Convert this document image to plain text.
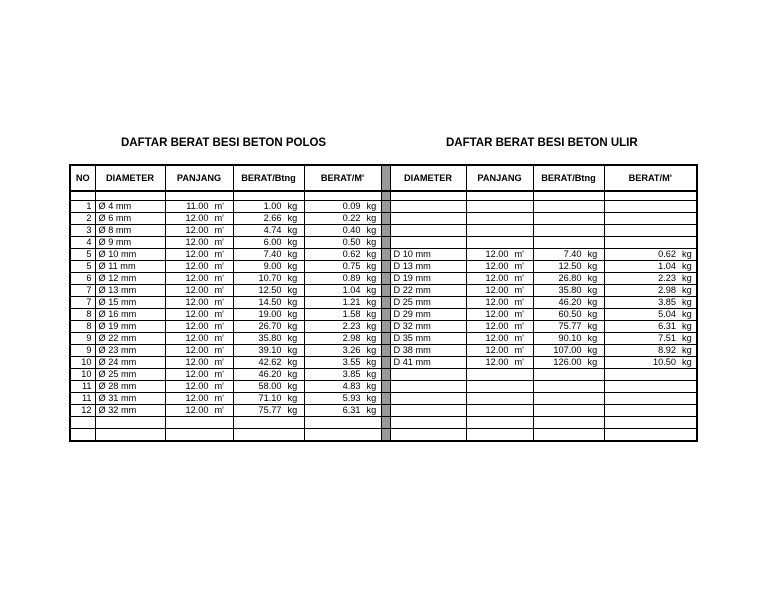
DAFTAR BERAT BESI BETON POLOS	DAFTAR BERAT BESI BETON ULIR
NO	DIAMETER	PANJANG	BERAT/Btng	BERAT/M'		DIAMETER	PANJANG	BERAT/Btng	BERAT/M'

1	Ø 4 mm	11.00 m'	1.00 kg	0.09 kg					
2	Ø 6 mm	12.00 m'	2.66 kg	0.22 kg					
3	Ø 8 mm	12.00 m'	4.74 kg	0.40 kg					
4	Ø 9 mm	12.00 m'	6.00 kg	0.50 kg					
5	Ø 10 mm	12.00 m'	7.40 kg	0.62 kg		D 10 mm	12.00 m'	7.40 kg	0.62 kg
5	Ø 11 mm	12.00 m'	9.00 kg	0.75 kg		D 13 mm	12.00 m'	12.50 kg	1.04 kg
6	Ø 12 mm	12.00 m'	10.70 kg	0.89 kg		D 19 mm	12.00 m'	26.80 kg	2.23 kg
7	Ø 13 mm	12.00 m'	12.50 kg	1.04 kg		D 22 mm	12.00 m'	35.80 kg	2.98 kg
7	Ø 15 mm	12.00 m'	14.50 kg	1.21 kg		D 25 mm	12.00 m'	46.20 kg	3.85 kg
8	Ø 16 mm	12.00 m'	19.00 kg	1.58 kg		D 29 mm	12.00 m'	60.50 kg	5.04 kg
8	Ø 19 mm	12.00 m'	26.70 kg	2.23 kg		D 32 mm	12.00 m'	75.77 kg	6.31 kg
9	Ø 22 mm	12.00 m'	35.80 kg	2.98 kg		D 35 mm	12.00 m'	90.10 kg	7.51 kg
9	Ø 23 mm	12.00 m'	39.10 kg	3.26 kg		D 38 mm	12.00 m'	107.00 kg	8.92 kg
10	Ø 24 mm	12.00 m'	42.62 kg	3.55 kg		D 41 mm	12.00 m'	126.00 kg	10.50 kg
10	Ø 25 mm	12.00 m'	46.20 kg	3.85 kg					
11	Ø 28 mm	12.00 m'	58.00 kg	4.83 kg					
11	Ø 31 mm	12.00 m'	71.10 kg	5.93 kg					
12	Ø 32 mm	12.00 m'	75.77 kg	6.31 kg					
